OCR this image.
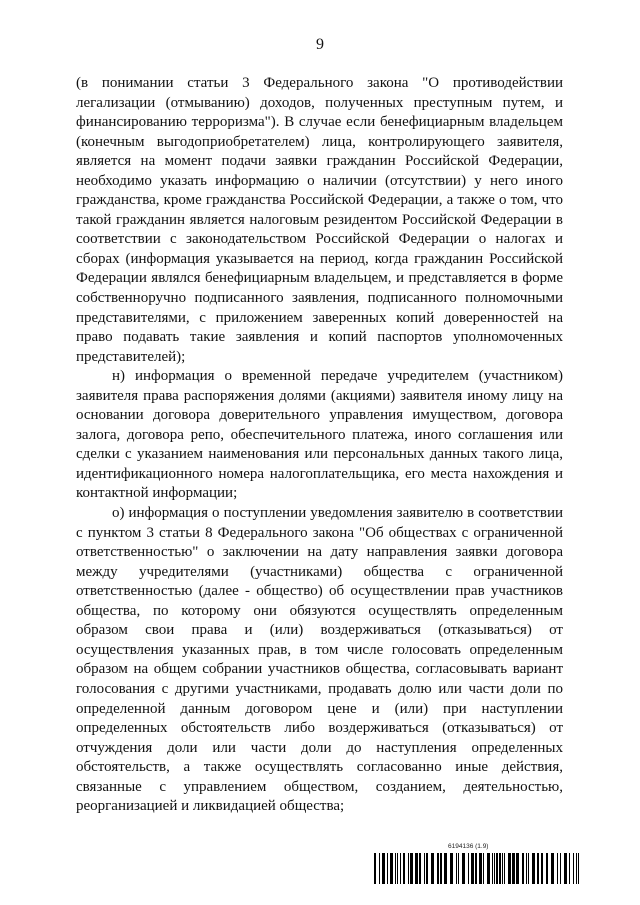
9

(в понимании статьи 3 Федерального закона "О противодействии легализации (отмыванию) доходов, полученных преступным путем, и финансированию терроризма"). В случае если бенефициарным владельцем (конечным выгодоприобретателем) лица, контролирующего заявителя, является на момент подачи заявки гражданин Российской Федерации, необходимо указать информацию о наличии (отсутствии) у него иного гражданства, кроме гражданства Российской Федерации, а также о том, что такой гражданин является налоговым резидентом Российской Федерации в соответствии с законодательством Российской Федерации о налогах и сборах (информация указывается на период, когда гражданин Российской Федерации являлся бенефициарным владельцем, и представляется в форме собственноручно подписанного заявления, подписанного полномочными представителями, с приложением заверенных копий доверенностей на право подавать такие заявления и копий паспортов уполномоченных представителей);

н) информация о временной передаче учредителем (участником) заявителя права распоряжения долями (акциями) заявителя иному лицу на основании договора доверительного управления имуществом, договора залога, договора репо, обеспечительного платежа, иного соглашения или сделки с указанием наименования или персональных данных такого лица, идентификационного номера налогоплательщика, его места нахождения и контактной информации;

о) информация о поступлении уведомления заявителю в соответствии с пунктом 3 статьи 8 Федерального закона "Об обществах с ограниченной ответственностью" о заключении на дату направления заявки договора между учредителями (участниками) общества с ограниченной ответственностью (далее - общество) об осуществлении прав участников общества, по которому они обязуются осуществлять определенным образом свои права и (или) воздерживаться (отказываться) от осуществления указанных прав, в том числе голосовать определенным образом на общем собрании участников общества, согласовывать вариант голосования с другими участниками, продавать долю или части доли по определенной данным договором цене и (или) при наступлении определенных обстоятельств либо воздерживаться (отказываться) от отчуждения доли или части доли до наступления определенных обстоятельств, а также осуществлять согласованно иные действия, связанные с управлением обществом, созданием, деятельностью, реорганизацией и ликвидацией общества;

6194136 (1.9)
